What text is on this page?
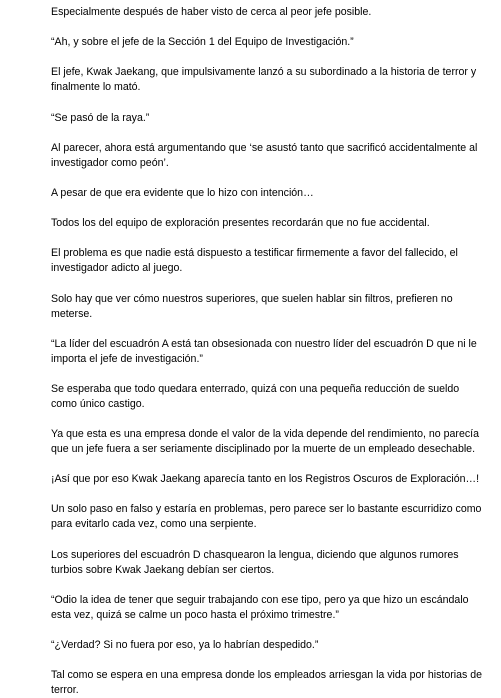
Especialmente después de haber visto de cerca al peor jefe posible.

“Ah, y sobre el jefe de la Sección 1 del Equipo de Investigación.”

El jefe, Kwak Jaekang, que impulsivamente lanzó a su subordinado a la historia de terror y finalmente lo mató.

“Se pasó de la raya.”

Al parecer, ahora está argumentando que ‘se asustó tanto que sacrificó accidentalmente al investigador como peón’.

A pesar de que era evidente que lo hizo con intención…

Todos los del equipo de exploración presentes recordarán que no fue accidental.

El problema es que nadie está dispuesto a testificar firmemente a favor del fallecido, el investigador adicto al juego.

Solo hay que ver cómo nuestros superiores, que suelen hablar sin filtros, prefieren no meterse.

“La líder del escuadrón A está tan obsesionada con nuestro líder del escuadrón D que ni le importa el jefe de investigación.”

Se esperaba que todo quedara enterrado, quizá con una pequeña reducción de sueldo como único castigo.

Ya que esta es una empresa donde el valor de la vida depende del rendimiento, no parecía que un jefe fuera a ser seriamente disciplinado por la muerte de un empleado desechable.

¡Así que por eso Kwak Jaekang aparecía tanto en los Registros Oscuros de Exploración…!

Un solo paso en falso y estaría en problemas, pero parece ser lo bastante escurridizo como para evitarlo cada vez, como una serpiente.

Los superiores del escuadrón D chasquearon la lengua, diciendo que algunos rumores turbios sobre Kwak Jaekang debían ser ciertos.

“Odio la idea de tener que seguir trabajando con ese tipo, pero ya que hizo un escándalo esta vez, quizá se calme un poco hasta el próximo trimestre.”

“¿Verdad? Si no fuera por eso, ya lo habrían despedido.”

Tal como se espera en una empresa donde los empleados arriesgan la vida por historias de terror.
